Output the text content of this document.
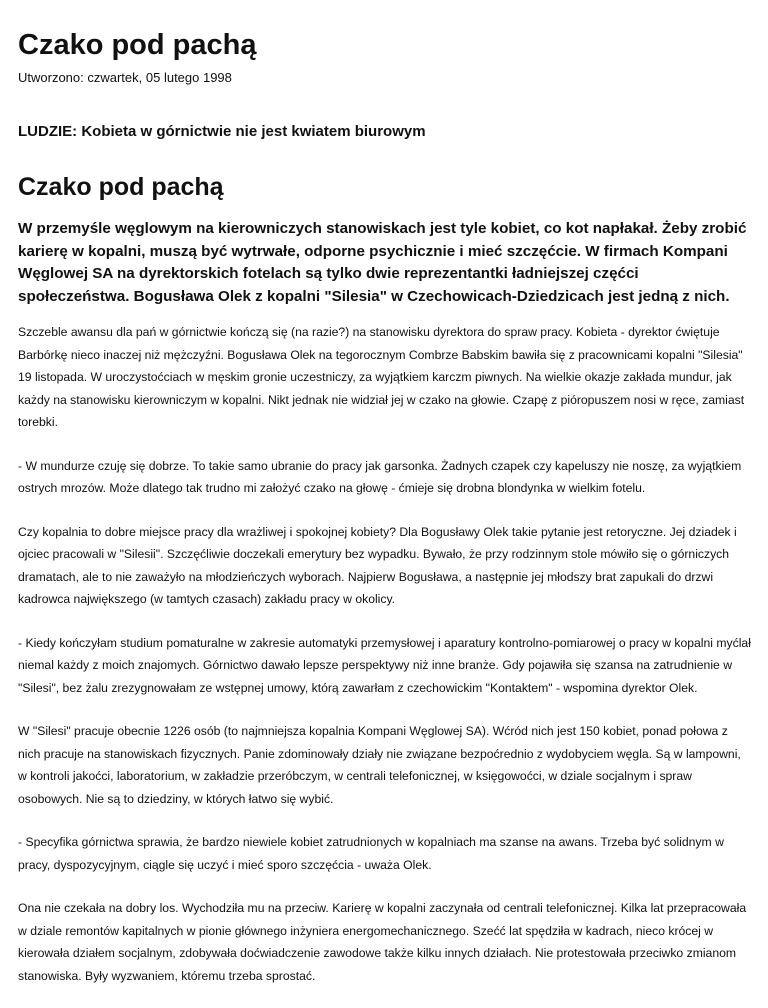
Czako pod pachą

Utworzono: czwartek, 05 lutego 1998

LUDZIE: Kobieta w górnictwie nie jest kwiatem biurowym

Czako pod pachą

W przemyśle węglowym na kierowniczych stanowiskach jest tyle kobiet, co kot napłakał. Żeby zrobić karierę w kopalni, muszą być wytrwałe, odporne psychicznie i mieć szczęćcie. W firmach Kompani Węglowej SA na dyrektorskich fotelach są tylko dwie reprezentantki ładniejszej częćci społeczeństwa. Bogusława Olek z kopalni "Silesia" w Czechowicach-Dziedzicach jest jedną z nich.

Szczeble awansu dla pań w górnictwie kończą się (na razie?) na stanowisku dyrektora do spraw pracy. Kobieta - dyrektor ćwiętuje Barbórkę nieco inaczej niż mężczyźni. Bogusława Olek na tegorocznym Combrze Babskim bawiła się z pracownicami kopalni "Silesia" 19 listopada. W uroczystoćciach w męskim gronie uczestniczy, za wyjątkiem karczm piwnych. Na wielkie okazje zakłada mundur, jak każdy na stanowisku kierowniczym w kopalni. Nikt jednak nie widział jej w czako na głowie. Czapę z pióropuszem nosi w ręce, zamiast torebki.

- W mundurze czuję się dobrze. To takie samo ubranie do pracy jak garsonka. Żadnych czapek czy kapeluszy nie noszę, za wyjątkiem ostrych mrozów. Może dlatego tak trudno mi założyć czako na głowę - ćmieje się drobna blondynka w wielkim fotelu.

Czy kopalnia to dobre miejsce pracy dla wrażliwej i spokojnej kobiety? Dla Bogusławy Olek takie pytanie jest retoryczne. Jej dziadek i ojciec pracowali w "Silesii". Szczęćliwie doczekali emerytury bez wypadku. Bywało, że przy rodzinnym stole mówiło się o górniczych dramatach, ale to nie zaważyło na młodzieńczych wyborach. Najpierw Bogusława, a następnie jej młodszy brat zapukali do drzwi kadrowca największego (w tamtych czasach) zakładu pracy w okolicy.

- Kiedy kończyłam studium pomaturalne w zakresie automatyki przemysłowej i aparatury kontrolno-pomiarowej o pracy w kopalni myćlał niemal każdy z moich znajomych. Górnictwo dawało lepsze perspektywy niż inne branże. Gdy pojawiła się szansa na zatrudnienie w "Silesi", bez żalu zrezygnowałam ze wstępnej umowy, którą zawarłam z czechowickim "Kontaktem" - wspomina dyrektor Olek.

W "Silesi" pracuje obecnie 1226 osób (to najmniejsza kopalnia Kompani Węglowej SA). Wćród nich jest 150 kobiet, ponad połowa z nich pracuje na stanowiskach fizycznych. Panie zdominowały działy nie związane bezpoćrednio z wydobyciem węgla. Są w lampowni, w kontroli jakoćci, laboratorium, w zakładzie przeróbczym, w centrali telefonicznej, w księgowoćci, w dziale socjalnym i spraw osobowych. Nie są to dziedziny, w których łatwo się wybić.

- Specyfika górnictwa sprawia, że bardzo niewiele kobiet zatrudnionych w kopalniach ma szanse na awans. Trzeba być solidnym w pracy, dyspozycyjnym, ciągle się uczyć i mieć sporo szczęćcia - uważa Olek.

Ona nie czekała na dobry los. Wychodziła mu na przeciw. Karierę w kopalni zaczynała od centrali telefonicznej. Kilka lat przepracowała w dziale remontów kapitalnych w pionie głównego inżyniera energomechanicznego. Szećć lat spędziła w kadrach, nieco krócej w kierowała działem socjalnym, zdobywała doćwiadczenie zawodowe także kilku innych działach. Nie protestowała przeciwko zmianom stanowiska. Były wyzwaniem, któremu trzeba sprostać.
